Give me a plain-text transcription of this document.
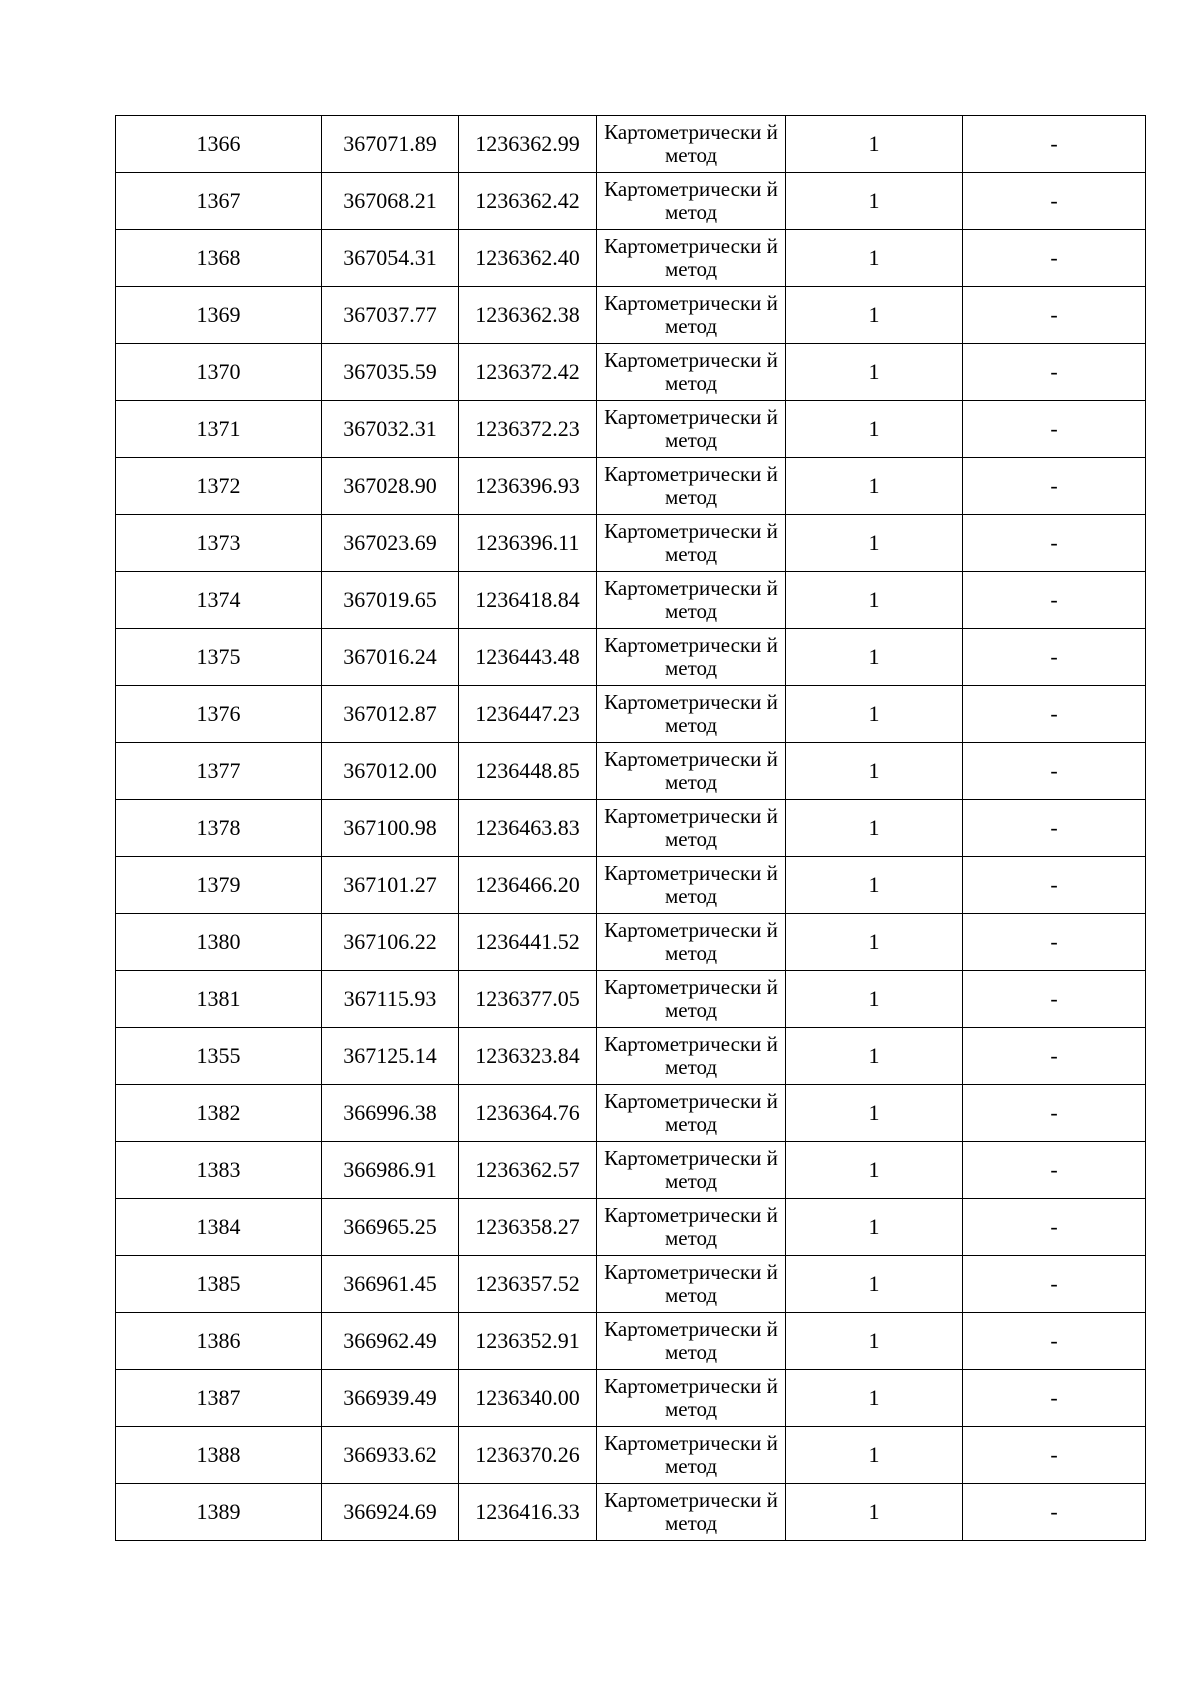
1366	367071.89	1236362.99	Картометрически й метод	1	-
1367	367068.21	1236362.42	Картометрически й метод	1	-
1368	367054.31	1236362.40	Картометрически й метод	1	-
1369	367037.77	1236362.38	Картометрически й метод	1	-
1370	367035.59	1236372.42	Картометрически й метод	1	-
1371	367032.31	1236372.23	Картометрически й метод	1	-
1372	367028.90	1236396.93	Картометрически й метод	1	-
1373	367023.69	1236396.11	Картометрически й метод	1	-
1374	367019.65	1236418.84	Картометрически й метод	1	-
1375	367016.24	1236443.48	Картометрически й метод	1	-
1376	367012.87	1236447.23	Картометрически й метод	1	-
1377	367012.00	1236448.85	Картометрически й метод	1	-
1378	367100.98	1236463.83	Картометрически й метод	1	-
1379	367101.27	1236466.20	Картометрически й метод	1	-
1380	367106.22	1236441.52	Картометрически й метод	1	-
1381	367115.93	1236377.05	Картометрически й метод	1	-
1355	367125.14	1236323.84	Картометрически й метод	1	-
1382	366996.38	1236364.76	Картометрически й метод	1	-
1383	366986.91	1236362.57	Картометрически й метод	1	-
1384	366965.25	1236358.27	Картометрически й метод	1	-
1385	366961.45	1236357.52	Картометрически й метод	1	-
1386	366962.49	1236352.91	Картометрически й метод	1	-
1387	366939.49	1236340.00	Картометрически й метод	1	-
1388	366933.62	1236370.26	Картометрически й метод	1	-
1389	366924.69	1236416.33	Картометрически й метод	1	-
